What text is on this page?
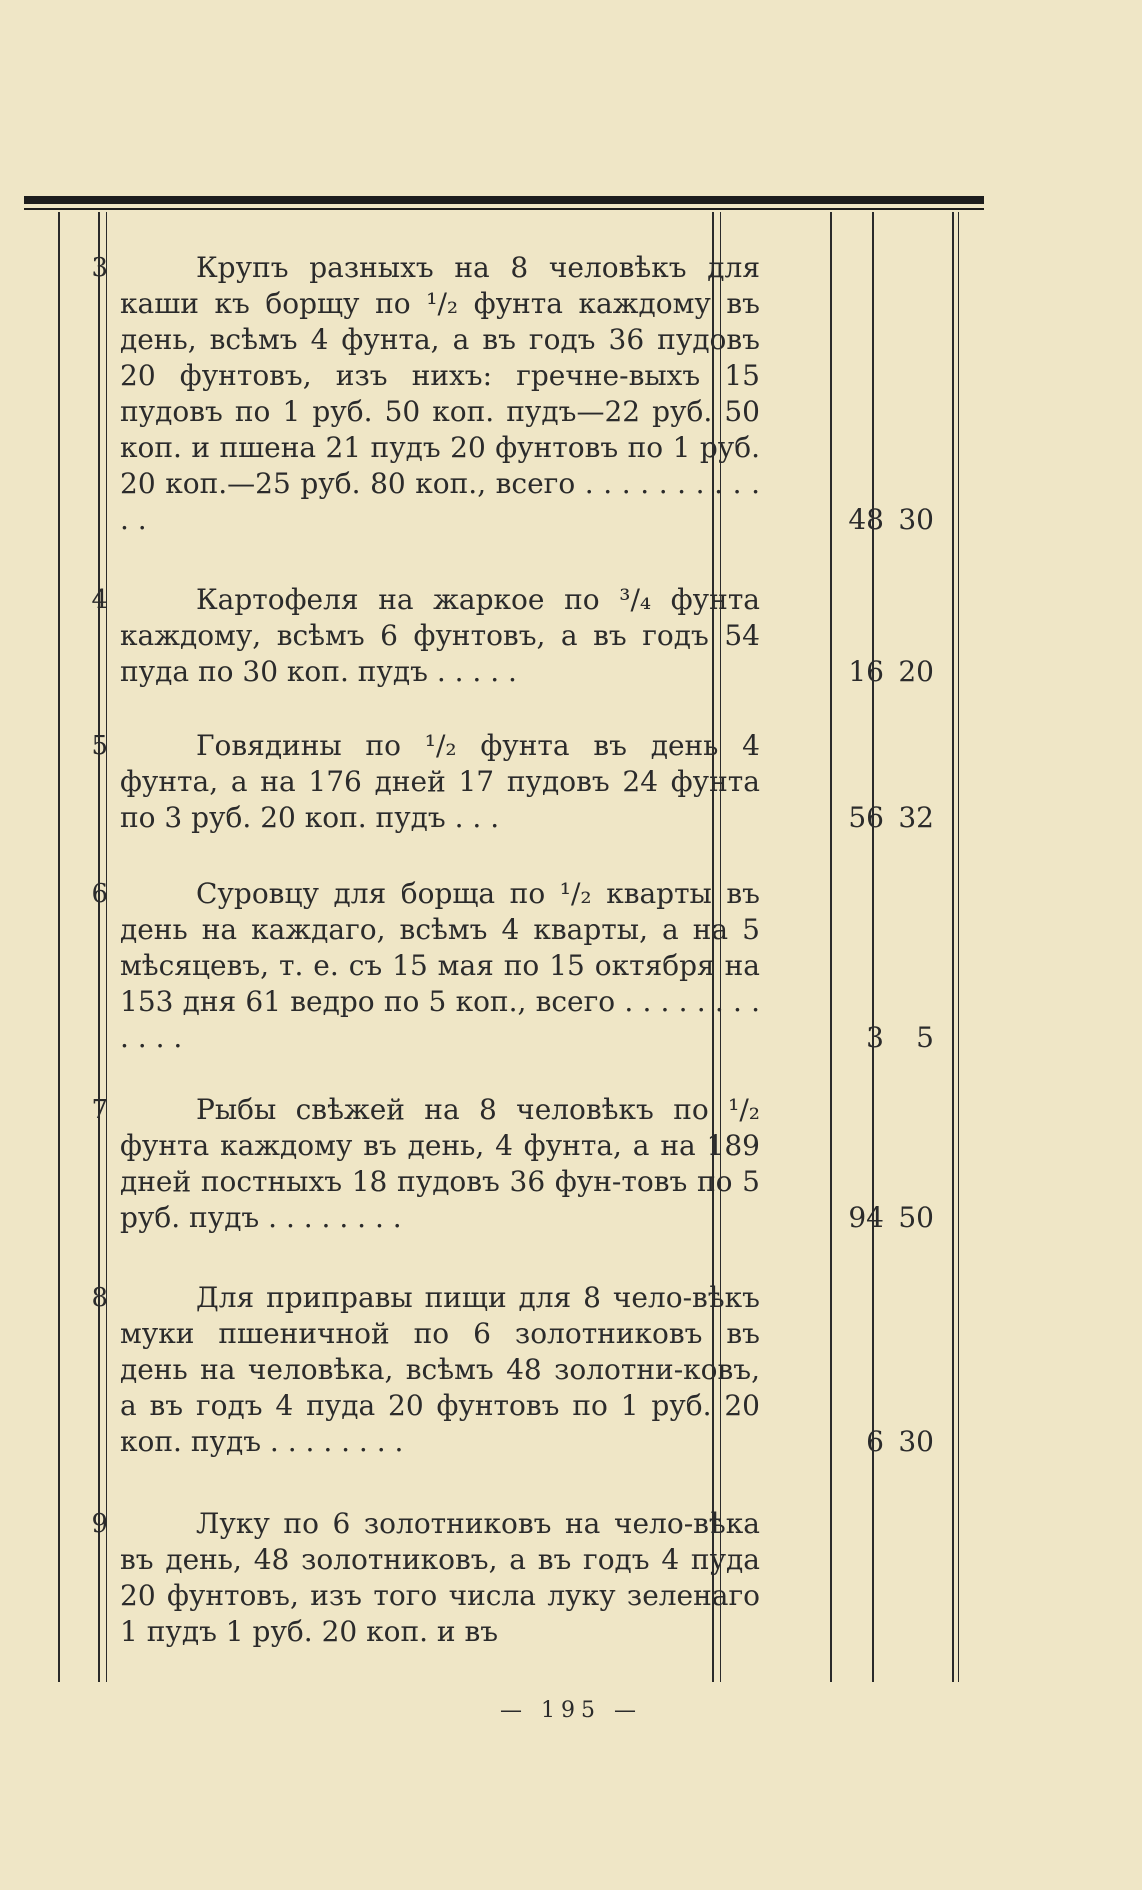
3	Крупъ разныхъ на 8 человѣкъ для каши къ борщу по ¹/₂ фунта каждому въ день, всѣмъ 4 фунта, а въ годъ 36 пудовъ 20 фунтовъ, изъ нихъ: гречне-выхъ 15 пудовъ по 1 руб. 50 коп. пудъ—22 руб. 50 коп. и пшена 21 пудъ 20 фунтовъ по 1 руб. 20 коп.—25 руб. 80 коп., всего . . . . . . . . . . . .	48 30
4	Картофеля на жаркое по ³/₄ фунта каждому, всѣмъ 6 фунтовъ, а въ годъ 54 пуда по 30 коп. пудъ . . . . .	16 20
5	Говядины по ¹/₂ фунта въ день 4 фунта, а на 176 дней 17 пудовъ 24 фунта по 3 руб. 20 коп. пудъ . . .	56 32
6	Суровцу для борща по ¹/₂ кварты въ день на каждаго, всѣмъ 4 кварты, а на 5 мѣсяцевъ, т. е. съ 15 мая по 15 октября на 153 дня 61 ведро по 5 коп., всего . . . . . . . . . . . .	3	5
7	Рыбы свѣжей на 8 человѣкъ по ¹/₂ фунта каждому въ день, 4 фунта, а на 189 дней постныхъ 18 пудовъ 36 фун-товъ по 5 руб. пудъ . . . . . . . .	94 50
8	Для приправы пищи для 8 чело-вѣкъ муки пшеничной по 6 золотниковъ въ день на человѣка, всѣмъ 48 золотни-ковъ, а въ годъ 4 пуда 20 фунтовъ по 1 руб. 20 коп. пудъ . . . . . . . .	6 30
9	Луку по 6 золотниковъ на чело-вѣка въ день, 48 золотниковъ, а въ годъ 4 пуда 20 фунтовъ, изъ того числа луку зеленаго 1 пудъ 1 руб. 20 коп. и въ

— 195 —
